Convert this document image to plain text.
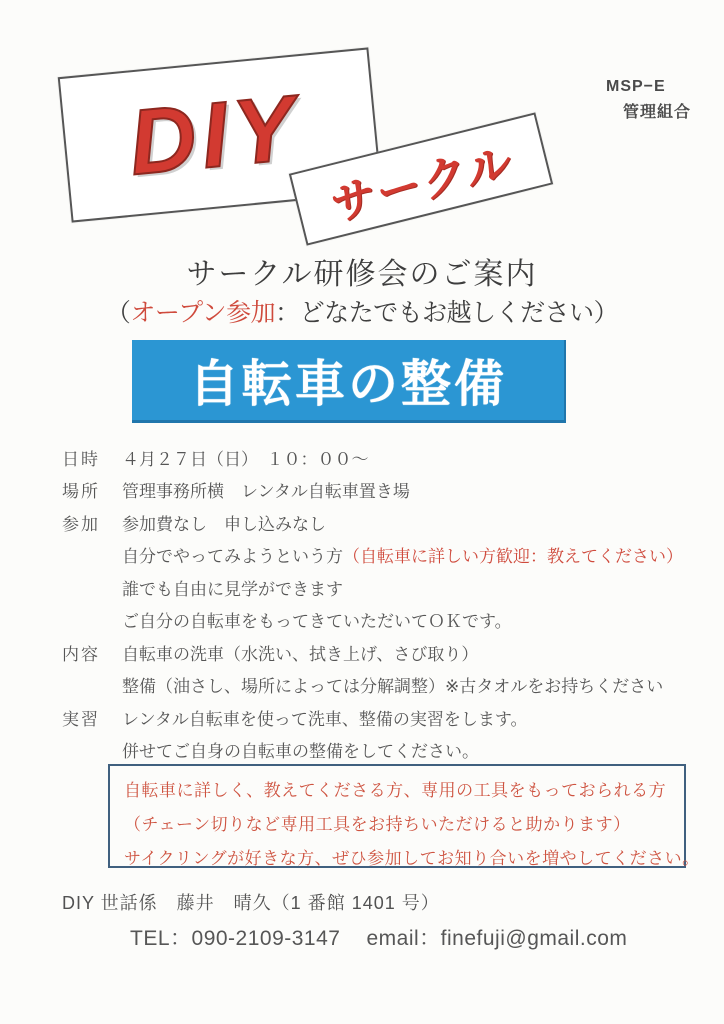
DIY	MSP−E
管理組合
サークル
サークル研修会のご案内
（オープン参加：どなたでもお越しください）
自転車の整備
日時	４月２７日（日）　１０：００～
場所	管理事務所横　レンタル自転車置き場
参加	参加費なし　申し込みなし
自分でやってみようという方 （自転車に詳しい方歓迎：教えてください）
誰でも自由に見学ができます
ご自分の自転車をもってきていただいてＯＫです。
内容	自転車の洗車（水洗い、拭き上げ、さび取り）
整備（油さし、場所によっては分解調整）※古タオルをお持ちください
実習	レンタル自転車を使って洗車、整備の実習をします。
併せてご自身の自転車の整備をしてください。
自転車に詳しく、教えてくださる方、専用の工具をもっておられる方
（チェーン切りなど専用工具をお持ちいただけると助かります）
サイクリングが好きな方、ぜひ参加してお知り合いを増やしてください。
DIY 世話係　藤井　晴久（1 番館 1401 号）
TEL：090-2109-3147 email：finefuji@gmail.com
